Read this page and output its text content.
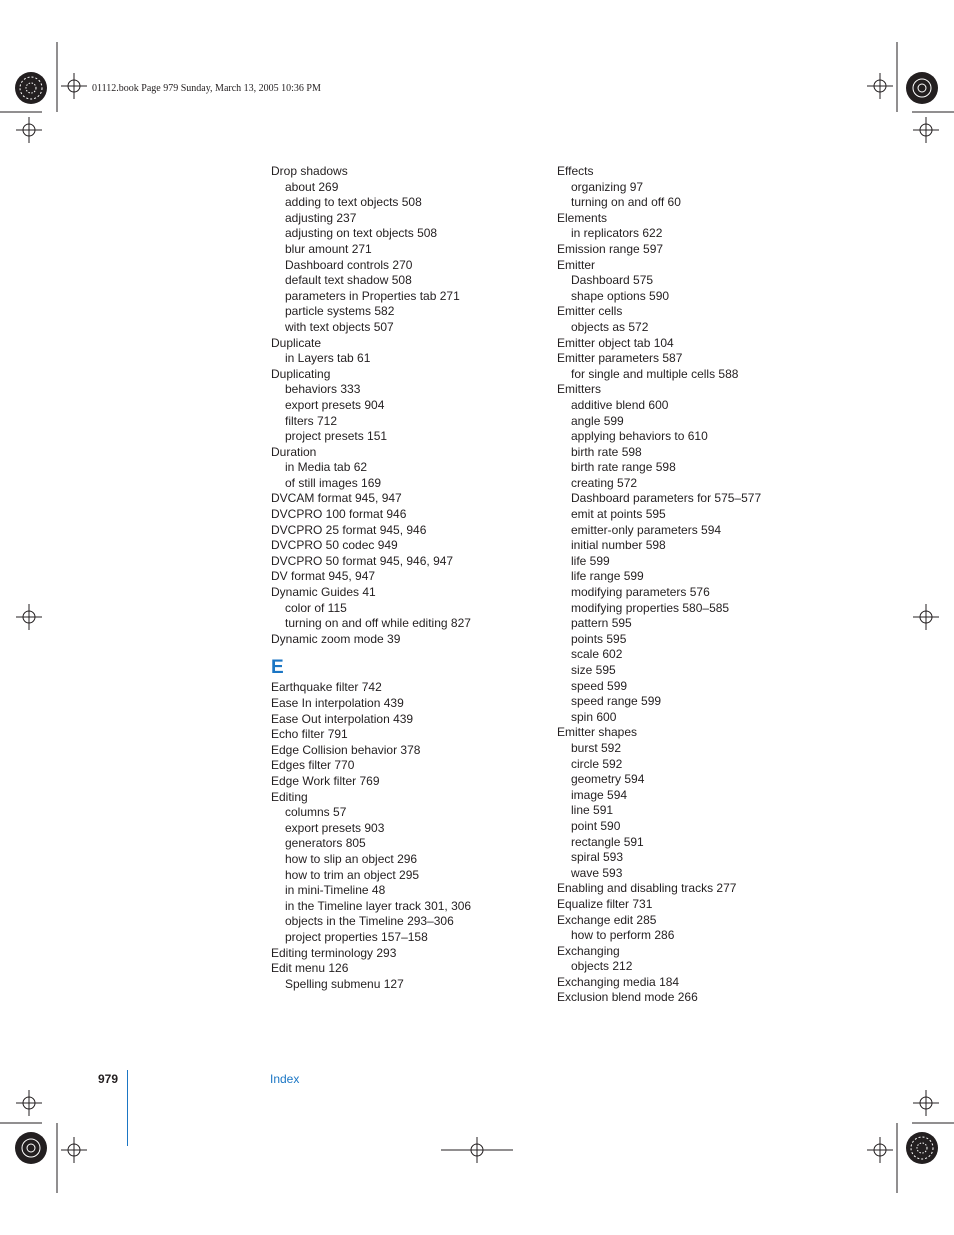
01112.book Page 979 Sunday, March 13, 2005 10:36 PM
Drop shadows
about 269
adding to text objects 508
adjusting 237
adjusting on text objects 508
blur amount 271
Dashboard controls 270
default text shadow 508
parameters in Properties tab 271
particle systems 582
with text objects 507
Duplicate
in Layers tab 61
Duplicating
behaviors 333
export presets 904
filters 712
project presets 151
Duration
in Media tab 62
of still images 169
DVCAM format 945, 947
DVCPRO 100 format 946
DVCPRO 25 format 945, 946
DVCPRO 50 codec 949
DVCPRO 50 format 945, 946, 947
DV format 945, 947
Dynamic Guides 41
color of 115
turning on and off while editing 827
Dynamic zoom mode 39
E
Earthquake filter 742
Ease In interpolation 439
Ease Out interpolation 439
Echo filter 791
Edge Collision behavior 378
Edges filter 770
Edge Work filter 769
Editing
columns 57
export presets 903
generators 805
how to slip an object 296
how to trim an object 295
in mini-Timeline 48
in the Timeline layer track 301, 306
objects in the Timeline 293–306
project properties 157–158
Editing terminology 293
Edit menu 126
Spelling submenu 127
Effects
organizing 97
turning on and off 60
Elements
in replicators 622
Emission range 597
Emitter
Dashboard 575
shape options 590
Emitter cells
objects as 572
Emitter object tab 104
Emitter parameters 587
for single and multiple cells 588
Emitters
additive blend 600
angle 599
applying behaviors to 610
birth rate 598
birth rate range 598
creating 572
Dashboard parameters for 575–577
emit at points 595
emitter-only parameters 594
initial number 598
life 599
life range 599
modifying parameters 576
modifying properties 580–585
pattern 595
points 595
scale 602
size 595
speed 599
speed range 599
spin 600
Emitter shapes
burst 592
circle 592
geometry 594
image 594
line 591
point 590
rectangle 591
spiral 593
wave 593
Enabling and disabling tracks 277
Equalize filter 731
Exchange edit 285
how to perform 286
Exchanging
objects 212
Exchanging media 184
Exclusion blend mode 266
979	Index
